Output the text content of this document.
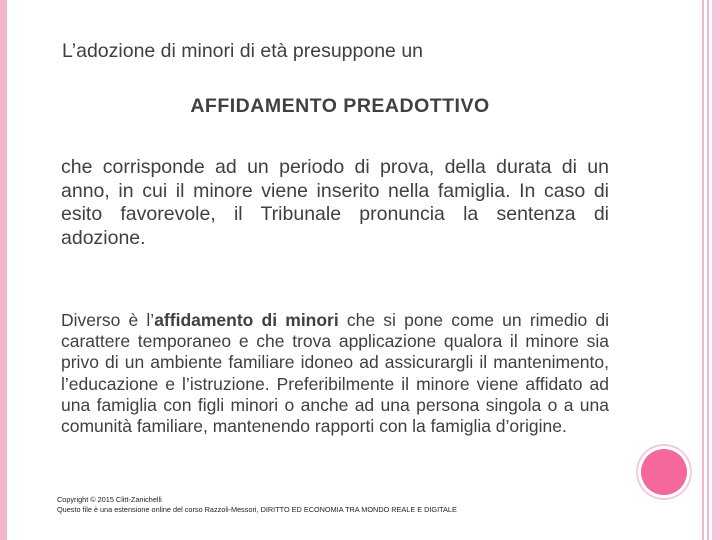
L’adozione di minori di età presuppone un

AFFIDAMENTO PREADOTTIVO

che corrisponde ad un periodo di prova, della durata di un anno, in cui il minore viene inserito nella famiglia. In caso di esito favorevole, il Tribunale pronuncia la sentenza di adozione.

Diverso è l’affidamento di minori che si pone come un rimedio di carattere temporaneo e che trova applicazione qualora il minore sia privo di un ambiente familiare idoneo ad assicurargli il mantenimento, l’educazione e l’istruzione. Preferibilmente il minore viene affidato ad una famiglia con figli minori o anche ad una persona singola o a una comunità familiare, mantenendo rapporti con la famiglia d’origine.

Copyright © 2015 Clitt-Zanichelli
Questo file è una estensione online del corso Razzoli-Messori, DIRITTO ED ECONOMIA TRA MONDO REALE E DIGITALE
